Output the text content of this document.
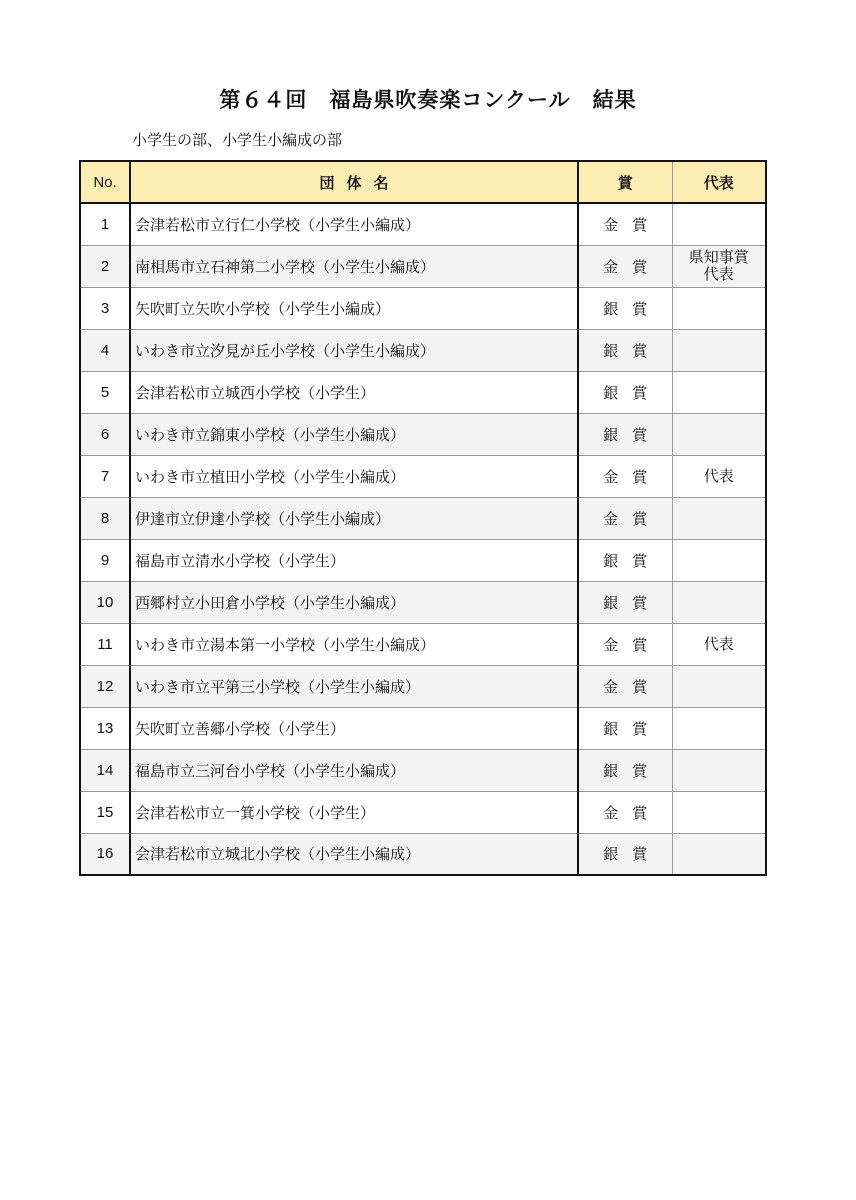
第６４回　福島県吹奏楽コンクール　結果
小学生の部、小学生小編成の部
No.	団体名	賞	代表
1	会津若松市立行仁小学校（小学生小編成）	金賞	
2	南相馬市立石神第二小学校（小学生小編成）	金賞	県知事賞
代表
3	矢吹町立矢吹小学校（小学生小編成）	銀賞	
4	いわき市立汐見が丘小学校（小学生小編成）	銀賞	
5	会津若松市立城西小学校（小学生）	銀賞	
6	いわき市立錦東小学校（小学生小編成）	銀賞	
7	いわき市立植田小学校（小学生小編成）	金賞	代表
8	伊達市立伊達小学校（小学生小編成）	金賞	
9	福島市立清水小学校（小学生）	銀賞	
10	西郷村立小田倉小学校（小学生小編成）	銀賞	
11	いわき市立湯本第一小学校（小学生小編成）	金賞	代表
12	いわき市立平第三小学校（小学生小編成）	金賞	
13	矢吹町立善郷小学校（小学生）	銀賞	
14	福島市立三河台小学校（小学生小編成）	銀賞	
15	会津若松市立一箕小学校（小学生）	金賞	
16	会津若松市立城北小学校（小学生小編成）	銀賞	
